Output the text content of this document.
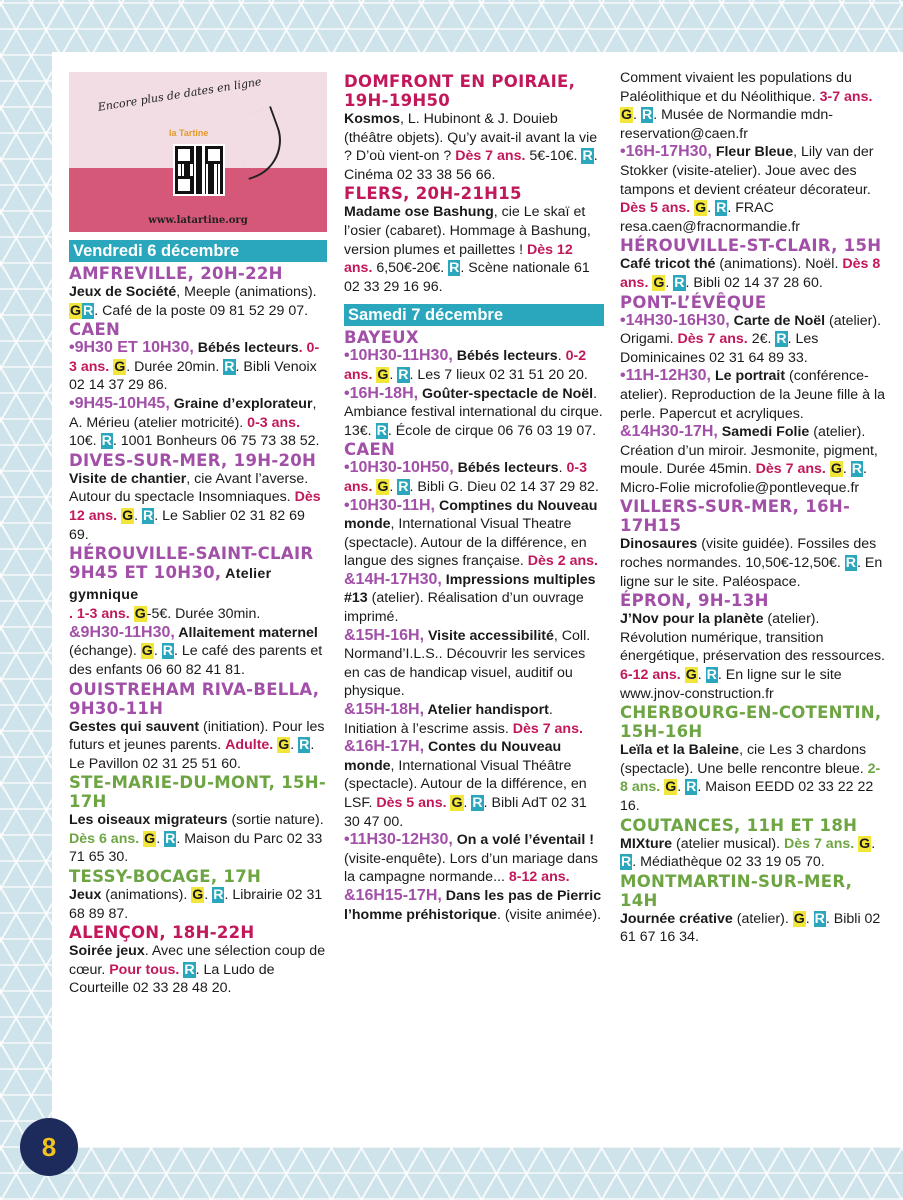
Encore plus de dates en ligne
la Tartine
www.latartine.org
Vendredi 6 décembre
AMFREVILLE, 20H-22H

Jeux de Société, Meeple (animations). G R. Café de la poste 09 81 52 29 07.

CAEN

•9H30 ET 10H30, Bébés lecteurs. 0-3 ans. G. Durée 20min. R. Bibli Venoix 02 14 37 29 86.

•9H45-10H45, Graine d’explorateur, A. Mérieu (atelier motricité). 0-3 ans. 10€. R. 1001 Bonheurs 06 75 73 38 52.

DIVES-SUR-MER, 19H-20H

Visite de chantier, cie Avant l’averse. Autour du spectacle Insomniaques. Dès 12 ans. G. R. Le Sablier 02 31 82 69 69.

HÉROUVILLE-SAINT-CLAIR 9H45 ET 10H30, Atelier gymnique

. 1-3 ans. G-5€. Durée 30min.

&9H30-11H30, Allaitement maternel (échange). G. R. Le café des parents et des enfants 06 60 82 41 81.

OUISTREHAM RIVA-BELLA, 9H30-11H

Gestes qui sauvent (initiation). Pour les futurs et jeunes parents. Adulte. G. R. Le Pavillon 02 31 25 51 60.

STE-MARIE-DU-MONT, 15H-17H

Les oiseaux migrateurs (sortie nature). Dès 6 ans. G. R. Maison du Parc 02 33 71 65 30.

TESSY-BOCAGE, 17H

Jeux (animations). G. R. Librairie 02 31 68 89 87.

ALENÇON, 18H-22H

Soirée jeux. Avec une sélection coup de cœur. Pour tous. R. La Ludo de Courteille 02 33 28 48 20.

DOMFRONT EN POIRAIE, 19H-19H50

Kosmos, L. Hubinont & J. Douieb (théâtre objets). Qu’y avait-il avant la vie ? D’où vient-on ? Dès 7 ans. 5€-10€. R. Cinéma 02 33 38 56 66.

FLERS, 20H-21H15

Madame ose Bashung, cie Le skaï et l’osier (cabaret). Hommage à Bashung, version plumes et paillettes ! Dès 12 ans. 6,50€-20€. R. Scène nationale 61 02 33 29 16 96.

Samedi 7 décembre
BAYEUX

•10H30-11H30, Bébés lecteurs. 0-2 ans. G. R. Les 7 lieux 02 31 51 20 20.

•16H-18H, Goûter-spectacle de Noël. Ambiance festival international du cirque. 13€. R. École de cirque 06 76 03 19 07.

CAEN

•10H30-10H50, Bébés lecteurs. 0-3 ans. G. R. Bibli G. Dieu 02 14 37 29 82.

•10H30-11H, Comptines du Nouveau monde, International Visual Theatre (spectacle). Autour de la différence, en langue des signes française. Dès 2 ans.

&14H-17H30, Impressions multiples #13 (atelier). Réalisation d’un ouvrage imprimé.

&15H-16H, Visite accessibilité, Coll. Normand’I.L.S.. Découvrir les services en cas de handicap visuel, auditif ou physique.

&15H-18H, Atelier handisport. Initiation à l’escrime assis. Dès 7 ans.

&16H-17H, Contes du Nouveau monde, International Visual Théâtre (spectacle). Autour de la différence, en LSF. Dès 5 ans. G. R. Bibli AdT 02 31 30 47 00.

•11H30-12H30, On a volé l’éventail ! (visite-enquête). Lors d’un mariage dans la campagne normande... 8-12 ans.

&16H15-17H, Dans les pas de Pierric l’homme préhistorique. (visite animée).

Comment vivaient les populations du Paléolithique et du Néolithique. 3-7 ans. G. R. Musée de Normandie mdn-reservation@caen.fr

•16H-17H30, Fleur Bleue, Lily van der Stokker (visite-atelier). Joue avec des tampons et devient créateur décorateur. Dès 5 ans. G. R. FRAC resa.caen@fracnormandie.fr

HÉROUVILLE-ST-CLAIR, 15H

Café tricot thé (animations). Noël. Dès 8 ans. G. R. Bibli 02 14 37 28 60.

PONT-L’ÉVÊQUE

•14H30-16H30, Carte de Noël (atelier). Origami. Dès 7 ans. 2€. R. Les Dominicaines 02 31 64 89 33.

•11H-12H30, Le portrait (conférence-atelier). Reproduction de la Jeune fille à la perle. Papercut et acryliques.

&14H30-17H, Samedi Folie (atelier). Création d’un miroir. Jesmonite, pigment, moule. Durée 45min. Dès 7 ans. G. R. Micro-Folie microfolie@pontleveque.fr

VILLERS-SUR-MER, 16H-17H15

Dinosaures (visite guidée). Fossiles des roches normandes. 10,50€-12,50€. R. En ligne sur le site. Paléospace.

ÉPRON, 9H-13H

J’Nov pour la planète (atelier). Révolution numérique, transition énergétique, préservation des ressources. 6-12 ans. G. R. En ligne sur le site www.jnov-construction.fr

CHERBOURG-EN-COTENTIN, 15H-16H

Leïla et la Baleine, cie Les 3 chardons (spectacle). Une belle rencontre bleue. 2-8 ans. G. R. Maison EEDD 02 33 22 22 16.

COUTANCES, 11H ET 18H

MIXture (atelier musical). Dès 7 ans. G. R. Médiathèque 02 33 19 05 70.

MONTMARTIN-SUR-MER, 14H

Journée créative (atelier). G. R. Bibli 02 61 67 16 34.

8
